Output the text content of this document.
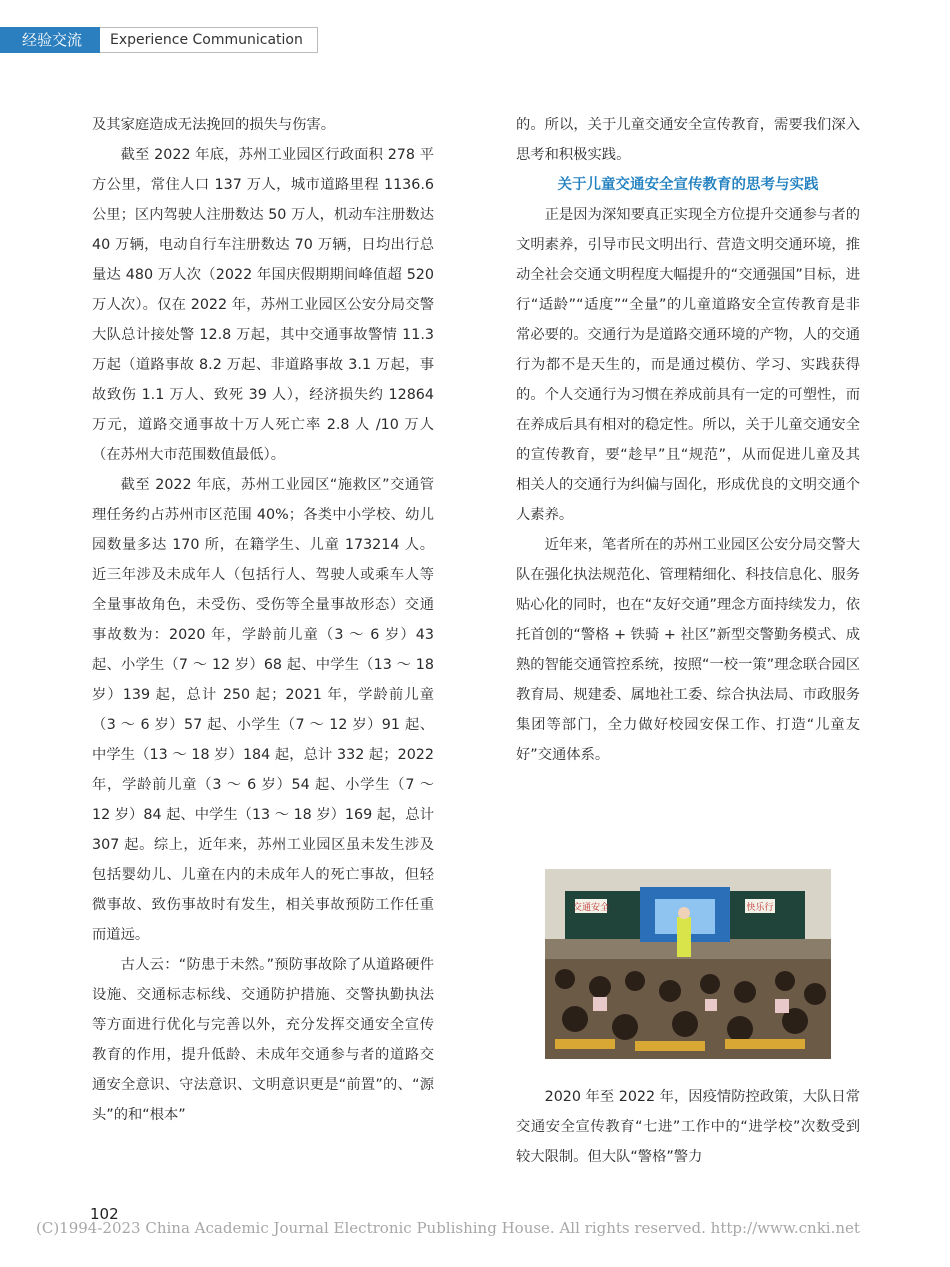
经验交流	Experience Communication

及其家庭造成无法挽回的损失与伤害。

截至 2022 年底，苏州工业园区行政面积 278 平方公里，常住人口 137 万人，城市道路里程 1136.6 公里；区内驾驶人注册数达 50 万人，机动车注册数达 40 万辆，电动自行车注册数达 70 万辆，日均出行总量达 480 万人次（2022 年国庆假期期间峰值超 520 万人次）。仅在 2022 年，苏州工业园区公安分局交警大队总计接处警 12.8 万起，其中交通事故警情 11.3 万起（道路事故 8.2 万起、非道路事故 3.1 万起，事故致伤 1.1 万人、致死 39 人），经济损失约 12864 万元，道路交通事故十万人死亡率 2.8 人 /10 万人（在苏州大市范围数值最低）。

截至 2022 年底，苏州工业园区“施救区”交通管理任务约占苏州市区范围 40%；各类中小学校、幼儿园数量多达 170 所，在籍学生、儿童 173214 人。近三年涉及未成年人（包括行人、驾驶人或乘车人等全量事故角色，未受伤、受伤等全量事故形态）交通事故数为：2020 年，学龄前儿童（3 ～ 6 岁）43 起、小学生（7 ～ 12 岁）68 起、中学生（13 ～ 18 岁）139 起，总计 250 起；2021 年，学龄前儿童（3 ～ 6 岁）57 起、小学生（7 ～ 12 岁）91 起、中学生（13 ～ 18 岁）184 起，总计 332 起；2022 年，学龄前儿童（3 ～ 6 岁）54 起、小学生（7 ～ 12 岁）84 起、中学生（13 ～ 18 岁）169 起，总计 307 起。综上，近年来，苏州工业园区虽未发生涉及包括婴幼儿、儿童在内的未成年人的死亡事故，但轻微事故、致伤事故时有发生，相关事故预防工作任重而道远。

古人云：“防患于未然。”预防事故除了从道路硬件设施、交通标志标线、交通防护措施、交警执勤执法等方面进行优化与完善以外，充分发挥交通安全宣传教育的作用，提升低龄、未成年交通参与者的道路交通安全意识、守法意识、文明意识更是“前置”的、“源头”的和“根本”

的。所以，关于儿童交通安全宣传教育，需要我们深入思考和积极实践。

关于儿童交通安全宣传教育的思考与实践

正是因为深知要真正实现全方位提升交通参与者的文明素养，引导市民文明出行、营造文明交通环境，推动全社会交通文明程度大幅提升的“交通强国”目标，进行“适龄”“适度”“全量”的儿童道路安全宣传教育是非常必要的。交通行为是道路交通环境的产物，人的交通行为都不是天生的，而是通过模仿、学习、实践获得的。个人交通行为习惯在养成前具有一定的可塑性，而在养成后具有相对的稳定性。所以，关于儿童交通安全的宣传教育，要“趁早”且“规范”，从而促进儿童及其相关人的交通行为纠偏与固化，形成优良的文明交通个人素养。

近年来，笔者所在的苏州工业园区公安分局交警大队在强化执法规范化、管理精细化、科技信息化、服务贴心化的同时，也在“友好交通”理念方面持续发力，依托首创的“警格 + 铁骑 + 社区”新型交警勤务模式、成熟的智能交通管控系统，按照“一校一策”理念联合园区教育局、规建委、属地社工委、综合执法局、市政服务集团等部门，全力做好校园安保工作、打造“儿童友好”交通体系。

交通安全	快乐行

2020 年至 2022 年，因疫情防控政策，大队日常交通安全宣传教育“七进”工作中的“进学校”次数受到较大限制。但大队“警格”警力

102
(C)1994-2023 China Academic Journal Electronic Publishing House. All rights reserved. http://www.cnki.net
